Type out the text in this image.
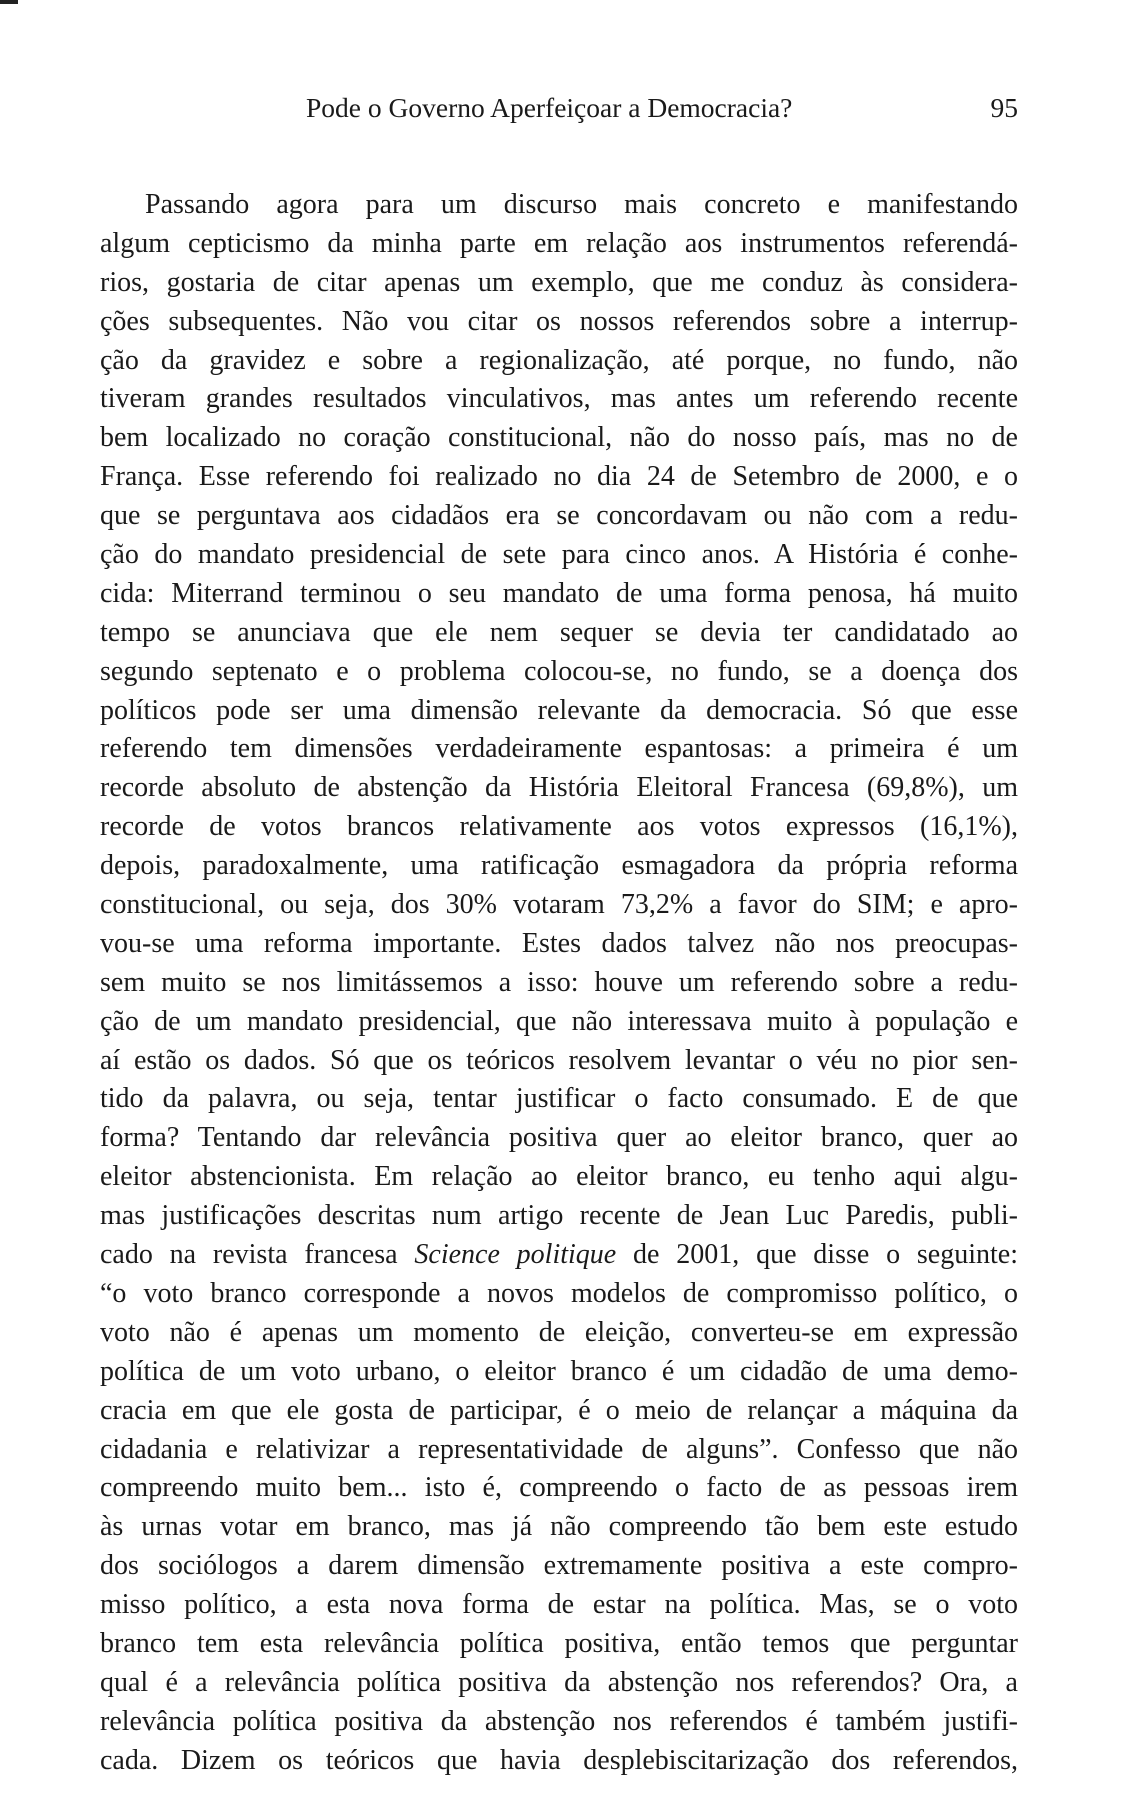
Pode o Governo Aperfeiçoar a Democracia?	95
Passando agora para um discurso mais concreto e manifestando
algum cepticismo da minha parte em relação aos instrumentos referendá-
rios, gostaria de citar apenas um exemplo, que me conduz às considera-
ções subsequentes. Não vou citar os nossos referendos sobre a interrup-
ção da gravidez e sobre a regionalização, até porque, no fundo, não
tiveram grandes resultados vinculativos, mas antes um referendo recente
bem localizado no coração constitucional, não do nosso país, mas no de
França. Esse referendo foi realizado no dia 24 de Setembro de 2000, e o
que se perguntava aos cidadãos era se concordavam ou não com a redu-
ção do mandato presidencial de sete para cinco anos. A História é conhe-
cida: Miterrand terminou o seu mandato de uma forma penosa, há muito
tempo se anunciava que ele nem sequer se devia ter candidatado ao
segundo septenato e o problema colocou-se, no fundo, se a doença dos
políticos pode ser uma dimensão relevante da democracia. Só que esse
referendo tem dimensões verdadeiramente espantosas: a primeira é um
recorde absoluto de abstenção da História Eleitoral Francesa (69,8%), um
recorde de votos brancos relativamente aos votos expressos (16,1%),
depois, paradoxalmente, uma ratificação esmagadora da própria reforma
constitucional, ou seja, dos 30% votaram 73,2% a favor do SIM; e apro-
vou-se uma reforma importante. Estes dados talvez não nos preocupas-
sem muito se nos limitássemos a isso: houve um referendo sobre a redu-
ção de um mandato presidencial, que não interessava muito à população e
aí estão os dados. Só que os teóricos resolvem levantar o véu no pior sen-
tido da palavra, ou seja, tentar justificar o facto consumado. E de que
forma? Tentando dar relevância positiva quer ao eleitor branco, quer ao
eleitor abstencionista. Em relação ao eleitor branco, eu tenho aqui algu-
mas justificações descritas num artigo recente de Jean Luc Paredis, publi-
cado na revista francesa Science politique de 2001, que disse o seguinte:
“o voto branco corresponde a novos modelos de compromisso político, o
voto não é apenas um momento de eleição, converteu-se em expressão
política de um voto urbano, o eleitor branco é um cidadão de uma demo-
cracia em que ele gosta de participar, é o meio de relançar a máquina da
cidadania e relativizar a representatividade de alguns”. Confesso que não
compreendo muito bem... isto é, compreendo o facto de as pessoas irem
às urnas votar em branco, mas já não compreendo tão bem este estudo
dos sociólogos a darem dimensão extremamente positiva a este compro-
misso político, a esta nova forma de estar na política. Mas, se o voto
branco tem esta relevância política positiva, então temos que perguntar
qual é a relevância política positiva da abstenção nos referendos? Ora, a
relevância política positiva da abstenção nos referendos é também justifi-
cada. Dizem os teóricos que havia desplebiscitarização dos referendos,
